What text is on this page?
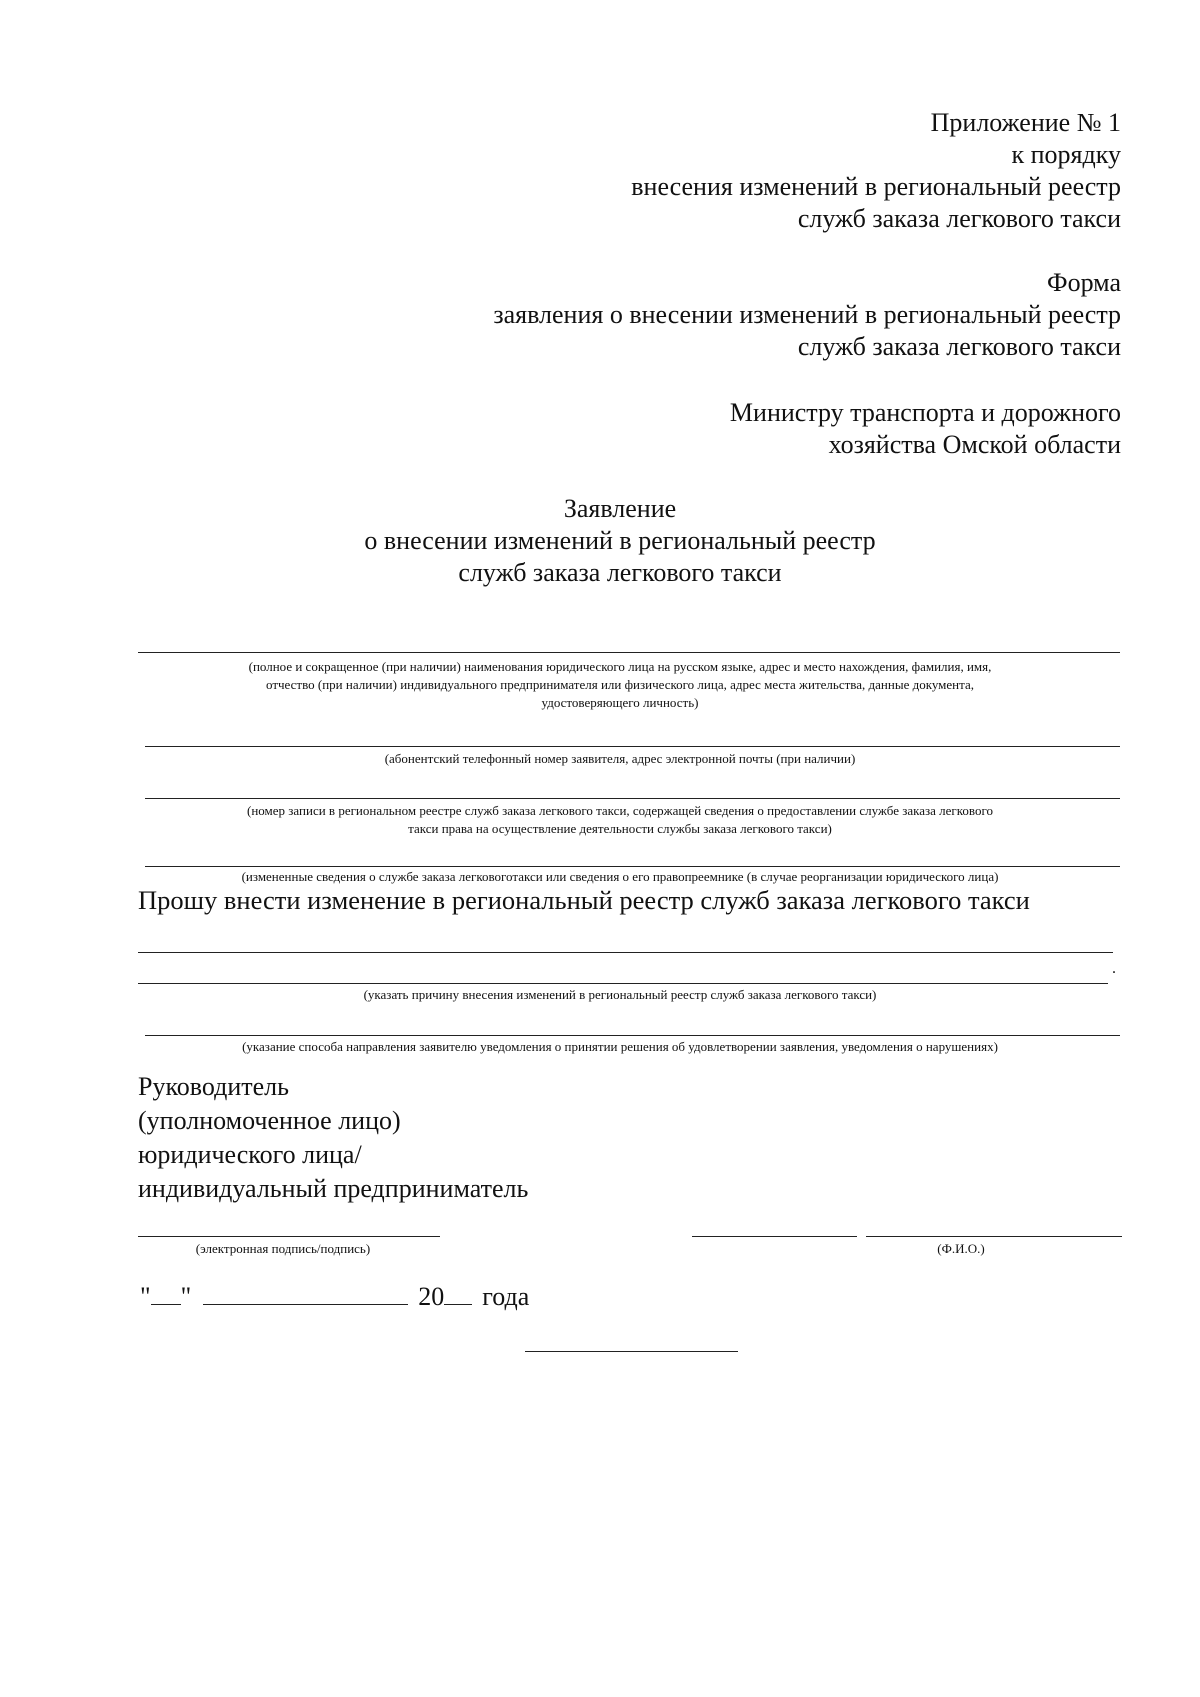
Приложение № 1
к порядку
внесения изменений в региональный реестр
служб заказа легкового такси
Форма
заявления о внесении изменений в региональный реестр
служб заказа легкового такси
Министру транспорта и дорожного
хозяйства Омской области
Заявление
о внесении изменений в региональный реестр
служб заказа легкового такси
(полное и сокращенное (при наличии) наименования юридического лица на русском языке, адрес и место нахождения, фамилия, имя,
отчество (при наличии) индивидуального предпринимателя или физического лица, адрес места жительства, данные документа,
удостоверяющего личность)
(абонентский телефонный номер заявителя, адрес электронной почты (при наличии)
(номер записи в региональном реестре служб заказа легкового такси, содержащей сведения о предоставлении службе заказа легкового
такси права на осуществление деятельности службы заказа легкового такси)
(измененные сведения о службе заказа легковоготакси или сведения о его правопреемнике (в случае реорганизации юридического лица)
Прошу внести изменение в региональный реестр служб заказа легкового такси
.
(указать причину внесения изменений в региональный реестр служб заказа легкового такси)
(указание способа направления заявителю уведомления о принятии решения об удовлетворении заявления, уведомления о нарушениях)
Руководитель
(уполномоченное лицо)
юридического лица/
индивидуальный предприниматель
(электронная подпись/подпись)	(Ф.И.О.)
" "	20 года
